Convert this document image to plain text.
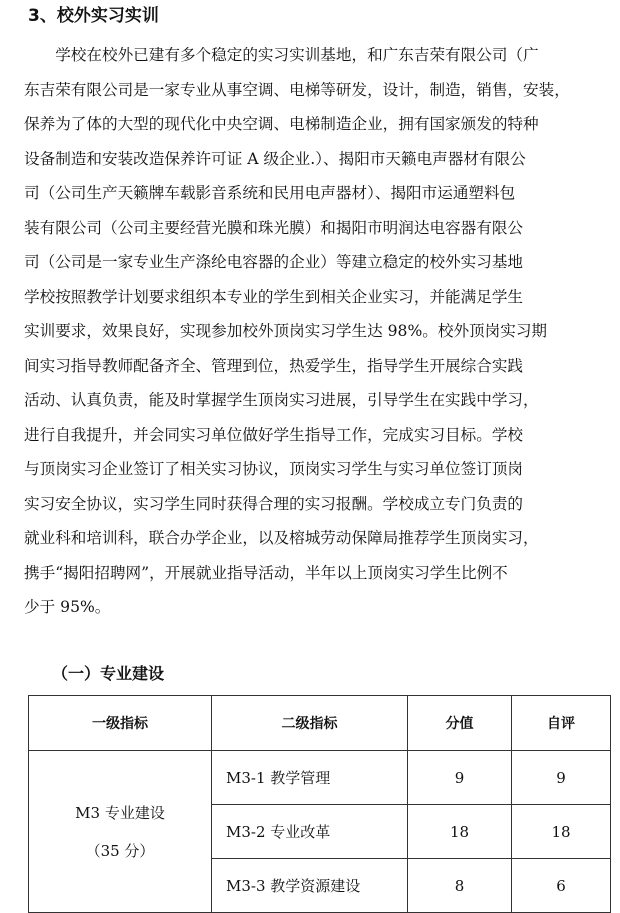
3、校外实习实训
　　学校在校外已建有多个稳定的实习实训基地，和广东吉荣有限公司（广
东吉荣有限公司是一家专业从事空调、电梯等研发，设计，制造，销售，安装，
保养为了体的大型的现代化中央空调、电梯制造企业，拥有国家颁发的特种
设备制造和安装改造保养许可证 A 级企业.）、揭阳市天籁电声器材有限公
司（公司生产天籁牌车载影音系统和民用电声器材）、揭阳市运通塑料包
装有限公司（公司主要经营光膜和珠光膜）和揭阳市明润达电容器有限公
司（公司是一家专业生产涤纶电容器的企业）等建立稳定的校外实习基地
学校按照教学计划要求组织本专业的学生到相关企业实习，并能满足学生
实训要求，效果良好，实现参加校外顶岗实习学生达 98%。校外顶岗实习期
间实习指导教师配备齐全、管理到位，热爱学生，指导学生开展综合实践
活动、认真负责，能及时掌握学生顶岗实习进展，引导学生在实践中学习，
进行自我提升，并会同实习单位做好学生指导工作，完成实习目标。学校
与顶岗实习企业签订了相关实习协议，顶岗实习学生与实习单位签订顶岗
实习安全协议，实习学生同时获得合理的实习报酬。学校成立专门负责的
就业科和培训科，联合办学企业，以及榕城劳动保障局推荐学生顶岗实习，
携手“揭阳招聘网”，开展就业指导活动，半年以上顶岗实习学生比例不
少于 95%。
（一）专业建设
一级指标	二级指标	分值	自评

M3 专业建设
（35 分）	M3-1 教学管理	9	9
	M3-2 专业改革	18	18
	M3-3 教学资源建设	8	6
